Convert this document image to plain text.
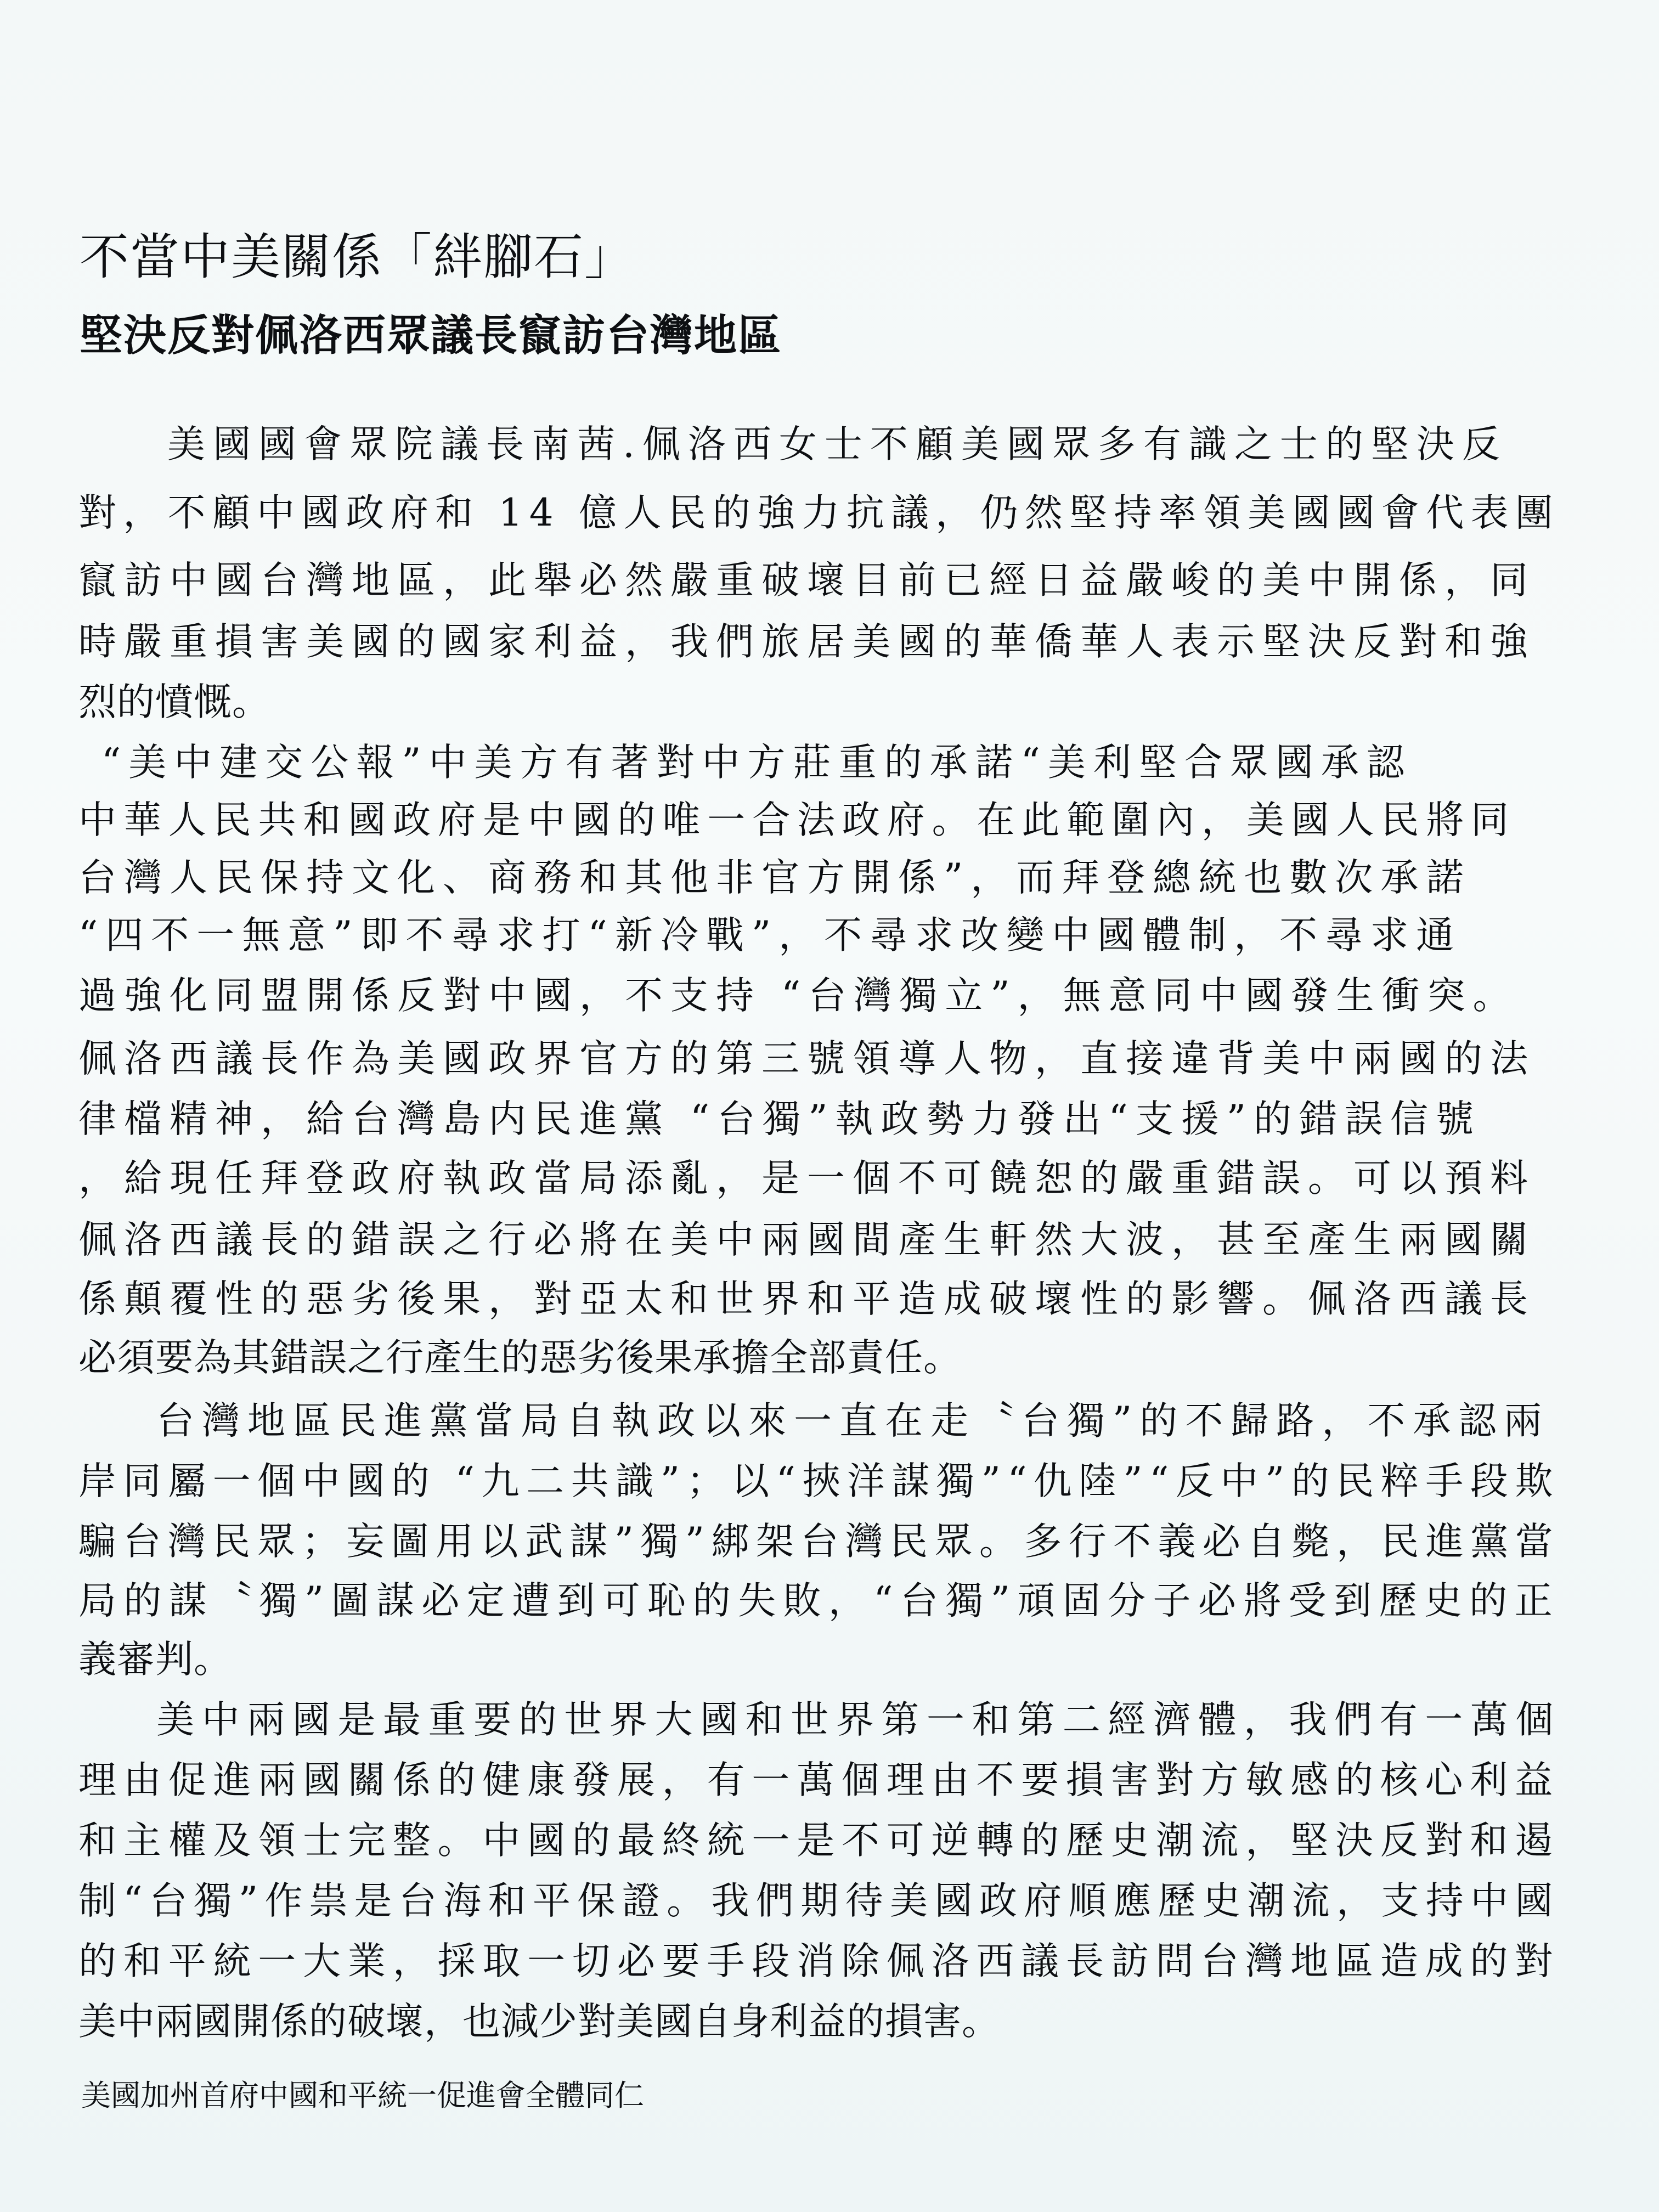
不當中美關係「絆腳石」
堅決反對佩洛西眾議長竄訪台灣地區

美國國會眾院議長南茜.佩洛西女士不顧美國眾多有識之士的堅決反

對，不顧中國政府和 14 億人民的強力抗議，仍然堅持率領美國國會代表團

竄訪中國台灣地區，此舉必然嚴重破壞目前已經日益嚴峻的美中開係，同

時嚴重損害美國的國家利益，我們旅居美國的華僑華人表示堅決反對和強

烈的憤慨。

“美中建交公報”中美方有著對中方莊重的承諾“美利堅合眾國承認

中華人民共和國政府是中國的唯一合法政府。在此範圍內，美國人民將同

台灣人民保持文化、商務和其他非官方開係”，而拜登總統也數次承諾

“四不一無意”即不尋求打“新冷戰”，不尋求改變中國體制，不尋求通

過強化同盟開係反對中國，不支持 “台灣獨立”，無意同中國發生衝突。

佩洛西議長作為美國政界官方的第三號領導人物，直接違背美中兩國的法

律檔精神，給台灣島内民進黨 “台獨”執政勢力發出“支援”的錯誤信號

，給現任拜登政府執政當局添亂，是一個不可饒恕的嚴重錯誤。可以預料

佩洛西議長的錯誤之行必將在美中兩國間產生軒然大波，甚至產生兩國關

係顛覆性的惡劣後果，對亞太和世界和平造成破壞性的影響。佩洛西議長

必須要為其錯誤之行產生的惡劣後果承擔全部責任。

台灣地區民進黨當局自執政以來一直在走〝台獨”的不歸路，不承認兩

岸同屬一個中國的 “九二共識”；以“挾洋謀獨”“仇陸”“反中”的民粹手段欺

騙台灣民眾；妄圖用以武謀”獨”綁架台灣民眾。多行不義必自斃，民進黨當

局的謀〝獨”圖謀必定遭到可恥的失敗，“台獨”頑固分子必將受到歷史的正

義審判。

美中兩國是最重要的世界大國和世界第一和第二經濟體，我們有一萬個

理由促進兩國關係的健康發展，有一萬個理由不要損害對方敏感的核心利益

和主權及領士完整。中國的最終統一是不可逆轉的歷史潮流，堅決反對和遏

制“台獨”作祟是台海和平保證。我們期待美國政府順應歷史潮流，支持中國

的和平統一大業，採取一切必要手段消除佩洛西議長訪問台灣地區造成的對

美中兩國開係的破壞，也減少對美國自身利益的損害。

美國加州首府中國和平統一促進會全體同仁
